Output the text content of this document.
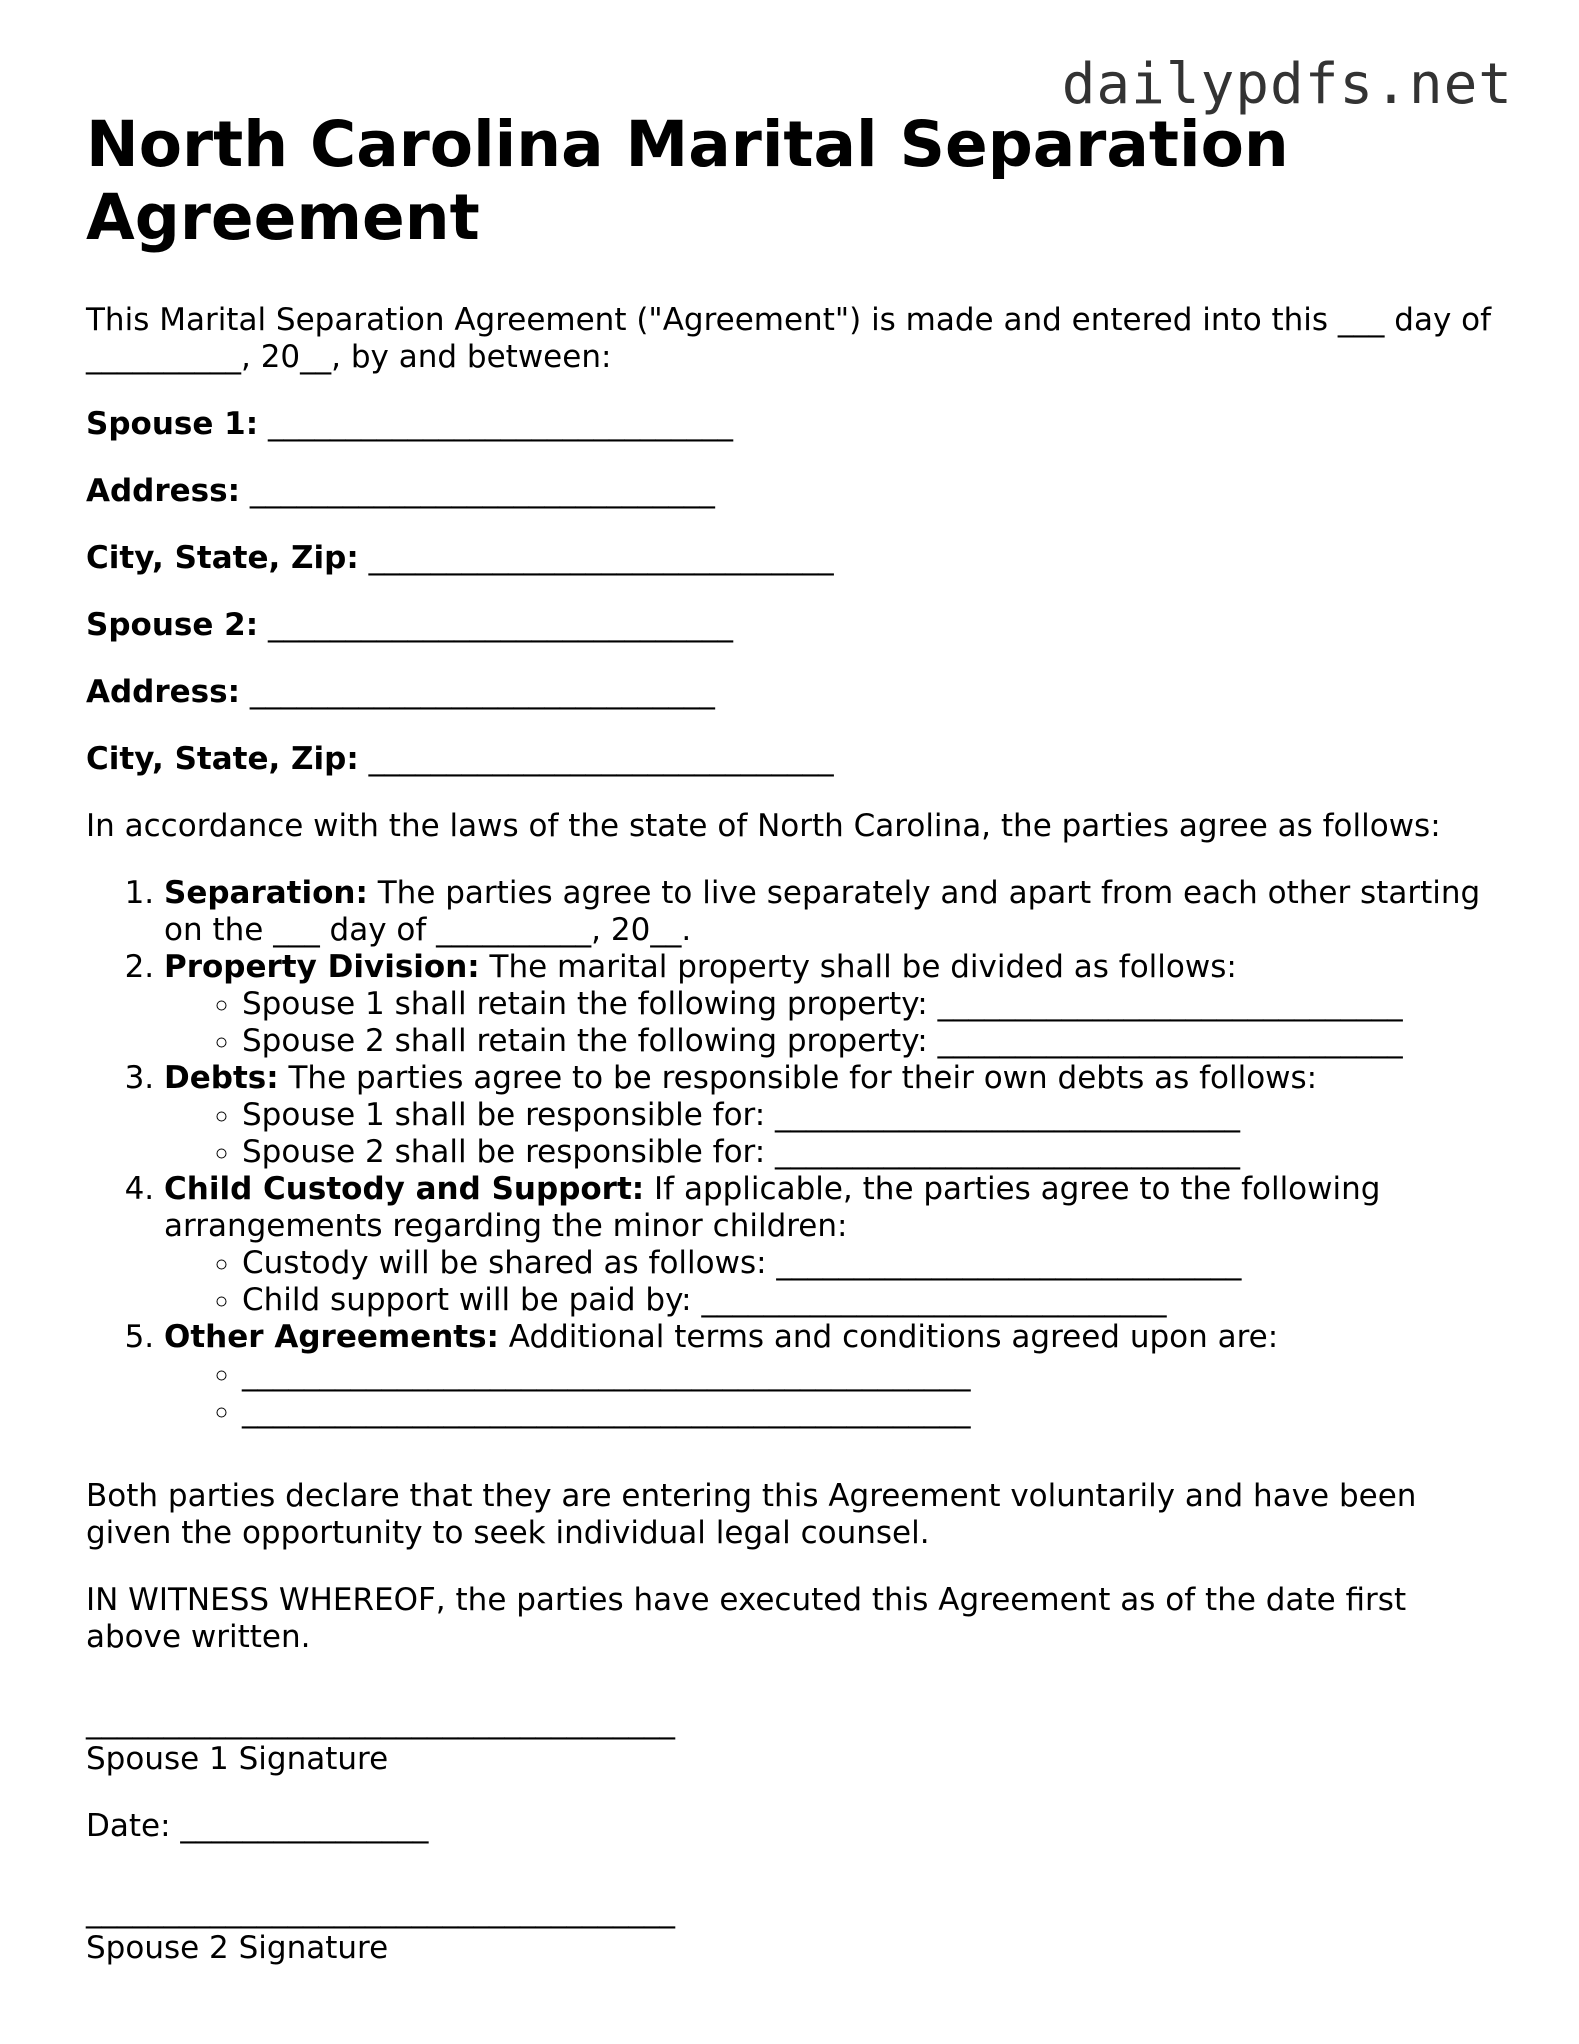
dailypdfs.net
North Carolina Marital Separation Agreement

This Marital Separation Agreement ("Agreement") is made and entered into this ___ day of __________, 20__, by and between:

Spouse 1: ______________________________

Address: ______________________________

City, State, Zip: ______________________________

Spouse 2: ______________________________

Address: ______________________________

City, State, Zip: ______________________________

In accordance with the laws of the state of North Carolina, the parties agree as follows:

1. Separation: The parties agree to live separately and apart from each other starting on the ___ day of __________, 20__.
2. Property Division: The marital property shall be divided as follows:
◦ Spouse 1 shall retain the following property: ______________________________
◦ Spouse 2 shall retain the following property: ______________________________
3. Debts: The parties agree to be responsible for their own debts as follows:
◦ Spouse 1 shall be responsible for: ______________________________
◦ Spouse 2 shall be responsible for: ______________________________
4. Child Custody and Support: If applicable, the parties agree to the following arrangements regarding the minor children:
◦ Custody will be shared as follows: ______________________________
◦ Child support will be paid by: ______________________________
5. Other Agreements: Additional terms and conditions agreed upon are:
◦ _______________________________________________
◦ _______________________________________________

Both parties declare that they are entering this Agreement voluntarily and have been given the opportunity to seek individual legal counsel.

IN WITNESS WHEREOF, the parties have executed this Agreement as of the date first above written.

______________________________________

Spouse 1 Signature

Date: ________________

______________________________________

Spouse 2 Signature
